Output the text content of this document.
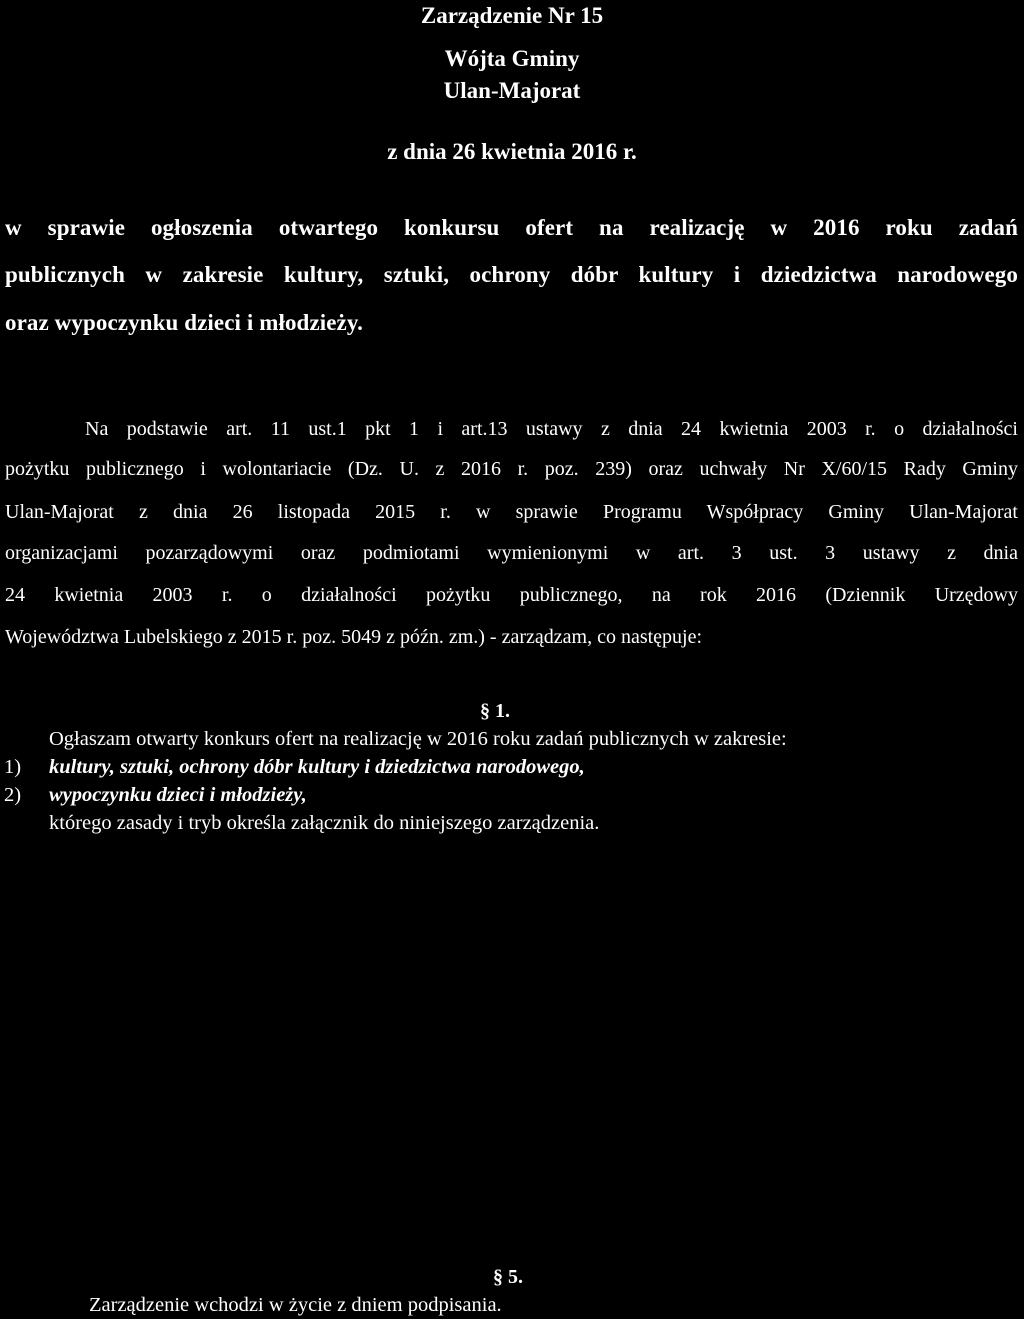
Zarządzenie Nr 15
Wójta Gminy
Ulan-Majorat
z dnia 26 kwietnia 2016 r.
w sprawie ogłoszenia otwartego konkursu ofert na realizację w 2016 roku zadań
publicznych w zakresie kultury, sztuki, ochrony dóbr kultury i dziedzictwa narodowego
oraz wypoczynku dzieci i młodzieży.
Na podstawie art. 11 ust.1 pkt 1 i art.13 ustawy z dnia 24 kwietnia 2003 r. o działalności
pożytku publicznego i wolontariacie (Dz. U. z 2016 r. poz. 239) oraz uchwały Nr X/60/15 Rady Gminy
Ulan-Majorat z dnia 26 listopada 2015 r. w sprawie Programu Współpracy Gminy Ulan-Majorat
organizacjami pozarządowymi oraz podmiotami wymienionymi w art. 3 ust. 3 ustawy z dnia
24 kwietnia 2003 r. o działalności pożytku publicznego, na rok 2016 (Dziennik Urzędowy
Województwa Lubelskiego z 2015 r. poz. 5049 z późn. zm.) - zarządzam, co następuje:
§ 1.
Ogłaszam otwarty konkurs ofert na realizację w 2016 roku zadań publicznych w zakresie:
1) kultury, sztuki, ochrony dóbr kultury i dziedzictwa narodowego,
2) wypoczynku dzieci i młodzieży,
którego zasady i tryb określa załącznik do niniejszego zarządzenia.
§ 5.
Zarządzenie wchodzi w życie z dniem podpisania.
